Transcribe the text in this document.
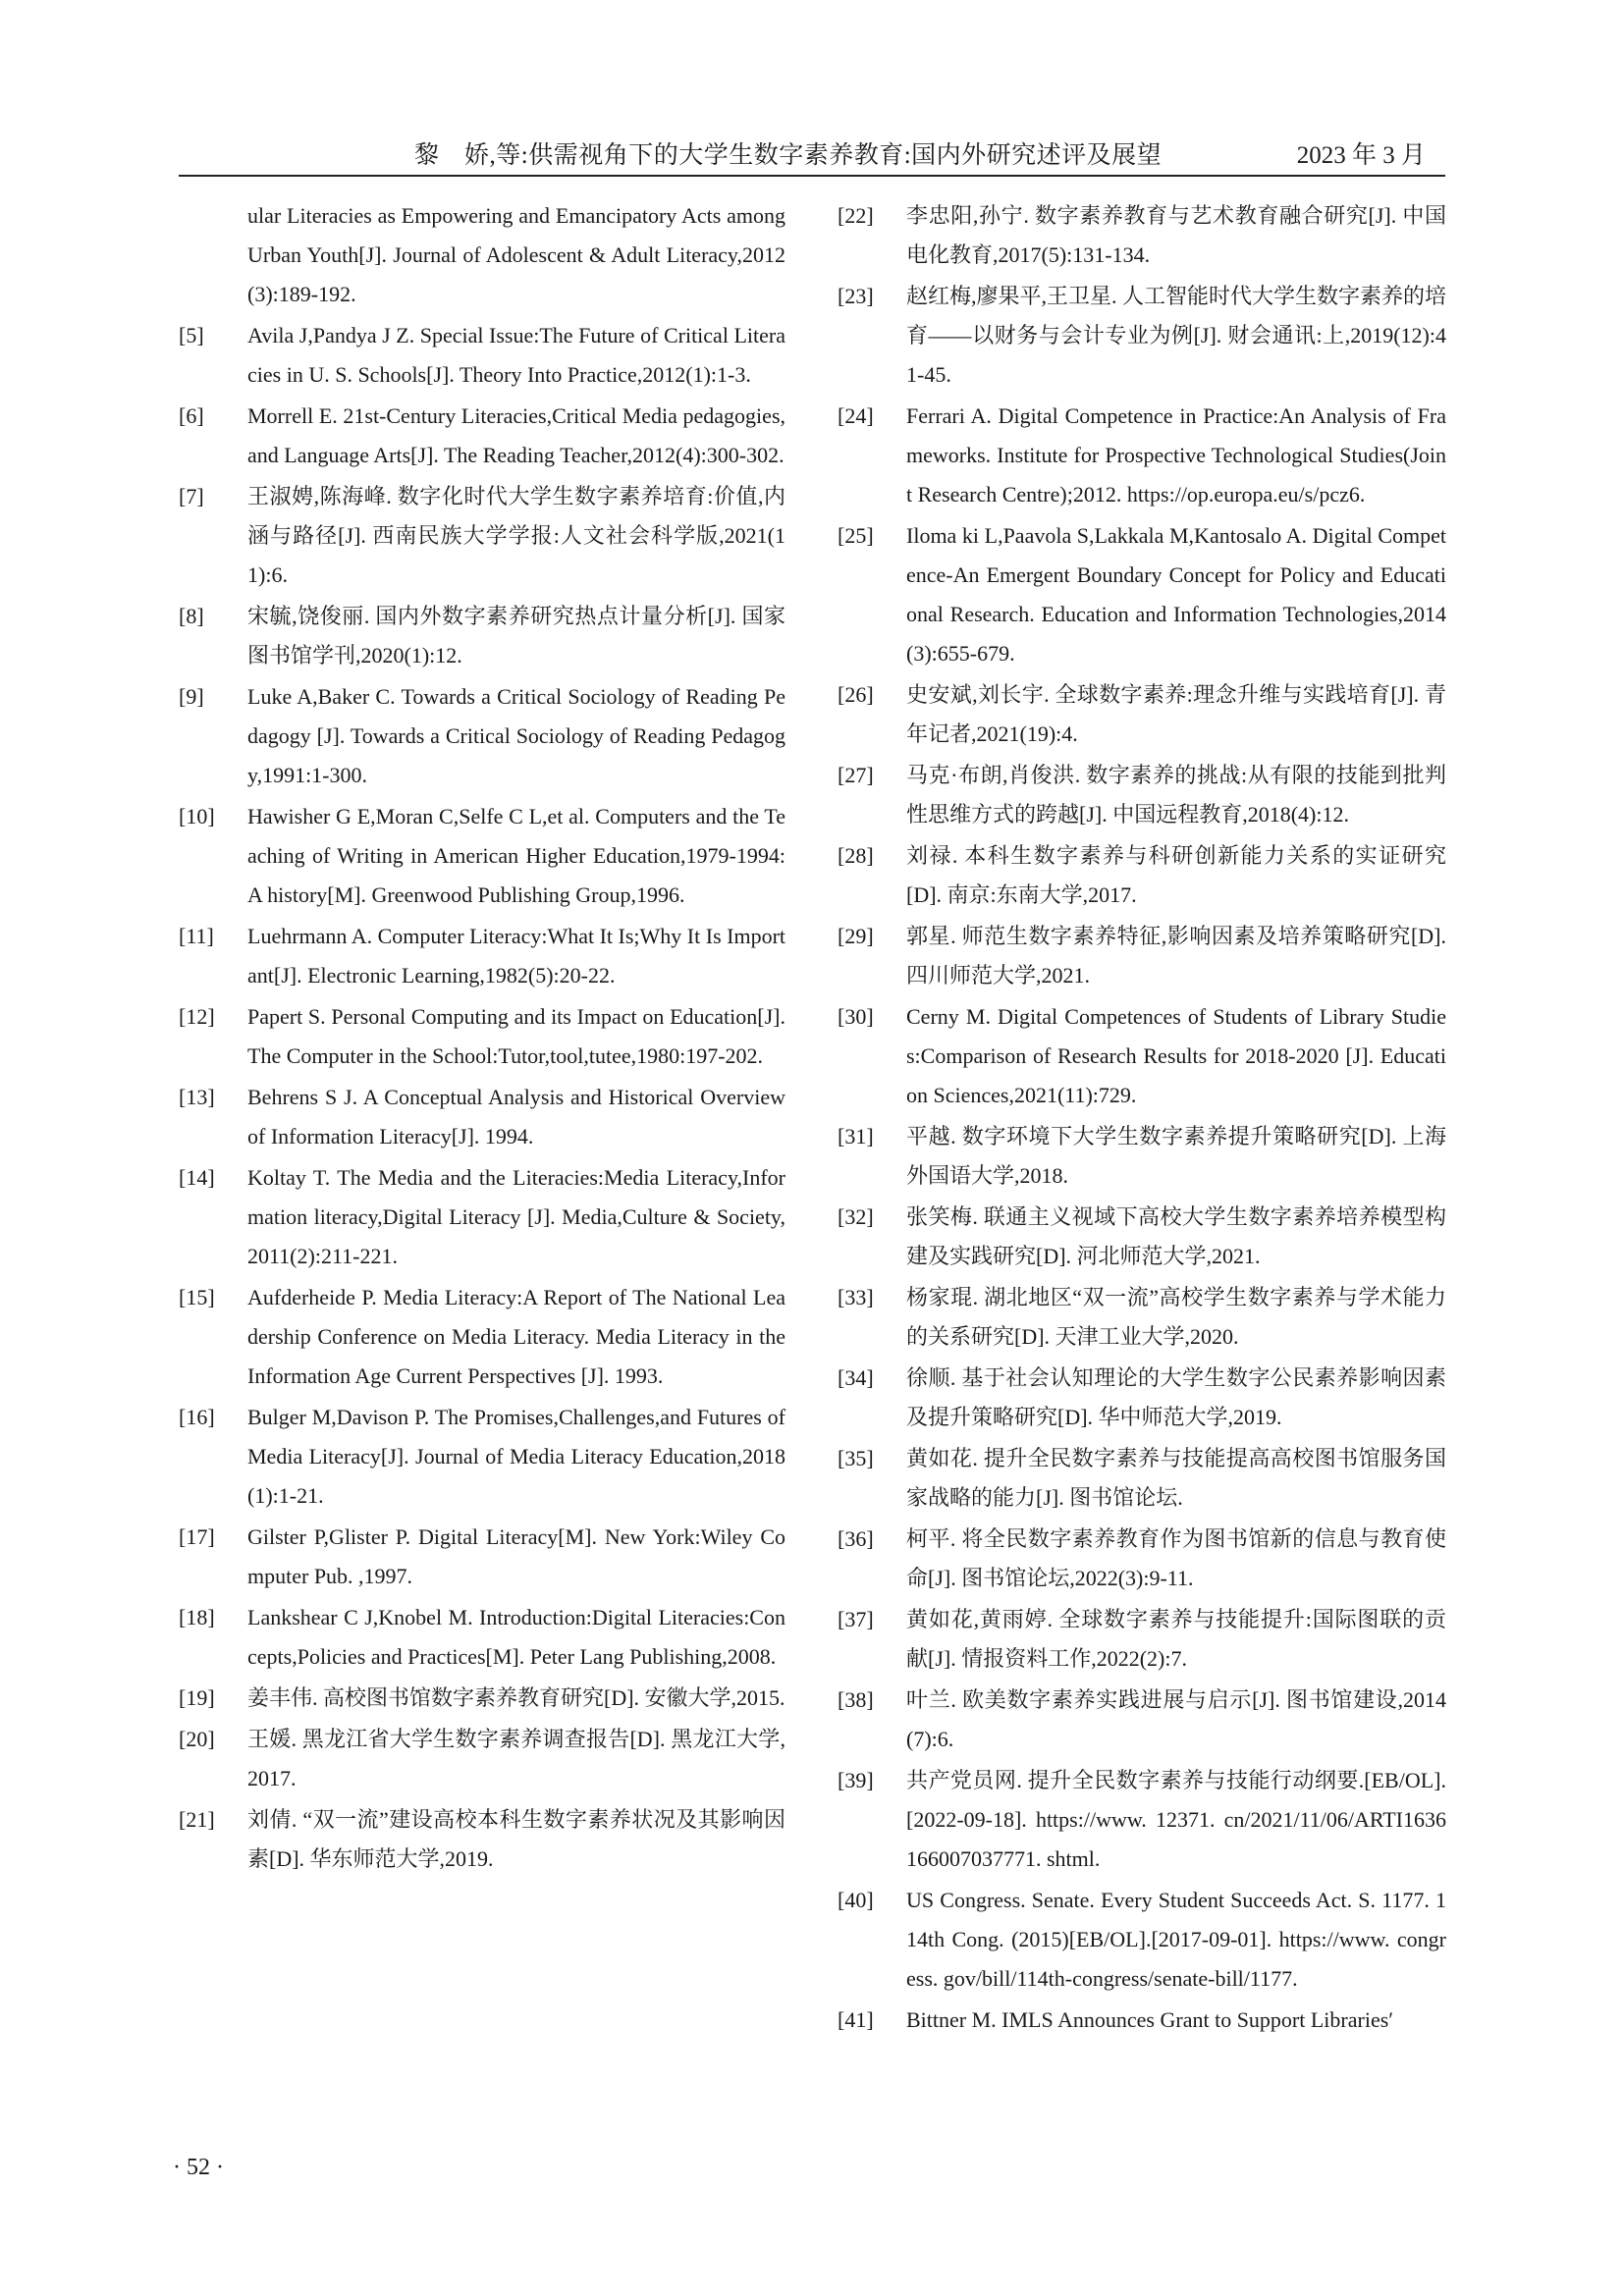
黎　娇,等:供需视角下的大学生数字素养教育:国内外研究述评及展望	2023 年 3 月
ular Literacies as Empowering and Emancipatory Acts among Urban Youth[J]. Journal of Adolescent & Adult Literacy,2012(3):189-192.
[5]	Avila J,Pandya J Z. Special Issue:The Future of Critical Literacies in U. S. Schools[J]. Theory Into Practice,2012(1):1-3.
[6]	Morrell E. 21st-Century Literacies,Critical Media pedagogies,and Language Arts[J]. The Reading Teacher,2012(4):300-302.
[7]	王淑娉,陈海峰. 数字化时代大学生数字素养培育:价值,内涵与路径[J]. 西南民族大学学报:人文社会科学版,2021(11):6.
[8]	宋毓,饶俊丽. 国内外数字素养研究热点计量分析[J]. 国家图书馆学刊,2020(1):12.
[9]	Luke A,Baker C. Towards a Critical Sociology of Reading Pedagogy [J]. Towards a Critical Sociology of Reading Pedagogy,1991:1-300.
[10]	Hawisher G E,Moran C,Selfe C L,et al. Computers and the Teaching of Writing in American Higher Education,1979-1994:A history[M]. Greenwood Publishing Group,1996.
[11]	Luehrmann A. Computer Literacy:What It Is;Why It Is Important[J]. Electronic Learning,1982(5):20-22.
[12]	Papert S. Personal Computing and its Impact on Education[J]. The Computer in the School:Tutor,tool,tutee,1980:197-202.
[13]	Behrens S J. A Conceptual Analysis and Historical Overview of Information Literacy[J]. 1994.
[14]	Koltay T. The Media and the Literacies:Media Literacy,Information literacy,Digital Literacy [J]. Media,Culture & Society,2011(2):211-221.
[15]	Aufderheide P. Media Literacy:A Report of The National Leadership Conference on Media Literacy. Media Literacy in the Information Age Current Perspectives [J]. 1993.
[16]	Bulger M,Davison P. The Promises,Challenges,and Futures of Media Literacy[J]. Journal of Media Literacy Education,2018(1):1-21.
[17]	Gilster P,Glister P. Digital Literacy[M]. New York:Wiley Computer Pub. ,1997.
[18]	Lankshear C J,Knobel M. Introduction:Digital Literacies:Concepts,Policies and Practices[M]. Peter Lang Publishing,2008.
[19]	姜丰伟. 高校图书馆数字素养教育研究[D]. 安徽大学,2015.
[20]	王媛. 黑龙江省大学生数字素养调查报告[D]. 黑龙江大学,2017.
[21]	刘倩. “双一流”建设高校本科生数字素养状况及其影响因素[D]. 华东师范大学,2019.
[22]	李忠阳,孙宁. 数字素养教育与艺术教育融合研究[J]. 中国电化教育,2017(5):131-134.
[23]	赵红梅,廖果平,王卫星. 人工智能时代大学生数字素养的培育——以财务与会计专业为例[J]. 财会通讯:上,2019(12):41-45.
[24]	Ferrari A. Digital Competence in Practice:An Analysis of Frameworks. Institute for Prospective Technological Studies(Joint Research Centre);2012. https://op.europa.eu/s/pcz6.
[25]	Iloma ki L,Paavola S,Lakkala M,Kantosalo A. Digital Competence-An Emergent Boundary Concept for Policy and Educational Research. Education and Information Technologies,2014(3):655-679.
[26]	史安斌,刘长宇. 全球数字素养:理念升维与实践培育[J]. 青年记者,2021(19):4.
[27]	马克·布朗,肖俊洪. 数字素养的挑战:从有限的技能到批判性思维方式的跨越[J]. 中国远程教育,2018(4):12.
[28]	刘禄. 本科生数字素养与科研创新能力关系的实证研究[D]. 南京:东南大学,2017.
[29]	郭星. 师范生数字素养特征,影响因素及培养策略研究[D]. 四川师范大学,2021.
[30]	Cerny M. Digital Competences of Students of Library Studies:Comparison of Research Results for 2018-2020 [J]. Education Sciences,2021(11):729.
[31]	平越. 数字环境下大学生数字素养提升策略研究[D]. 上海外国语大学,2018.
[32]	张笑梅. 联通主义视域下高校大学生数字素养培养模型构建及实践研究[D]. 河北师范大学,2021.
[33]	杨家琨. 湖北地区“双一流”高校学生数字素养与学术能力的关系研究[D]. 天津工业大学,2020.
[34]	徐顺. 基于社会认知理论的大学生数字公民素养影响因素及提升策略研究[D]. 华中师范大学,2019.
[35]	黄如花. 提升全民数字素养与技能提高高校图书馆服务国家战略的能力[J]. 图书馆论坛.
[36]	柯平. 将全民数字素养教育作为图书馆新的信息与教育使命[J]. 图书馆论坛,2022(3):9-11.
[37]	黄如花,黄雨婷. 全球数字素养与技能提升:国际图联的贡献[J]. 情报资料工作,2022(2):7.
[38]	叶兰. 欧美数字素养实践进展与启示[J]. 图书馆建设,2014(7):6.
[39]	共产党员网. 提升全民数字素养与技能行动纲要.[EB/OL]. [2022-09-18]. https://www. 12371. cn/2021/11/06/ARTI1636166007037771. shtml.
[40]	US Congress. Senate. Every Student Succeeds Act. S. 1177. 114th Cong. (2015)[EB/OL].[2017-09-01]. https://www. congress. gov/bill/114th-congress/senate-bill/1177.
[41]	Bittner M. IMLS Announces Grant to Support Libraries′
· 52 ·
